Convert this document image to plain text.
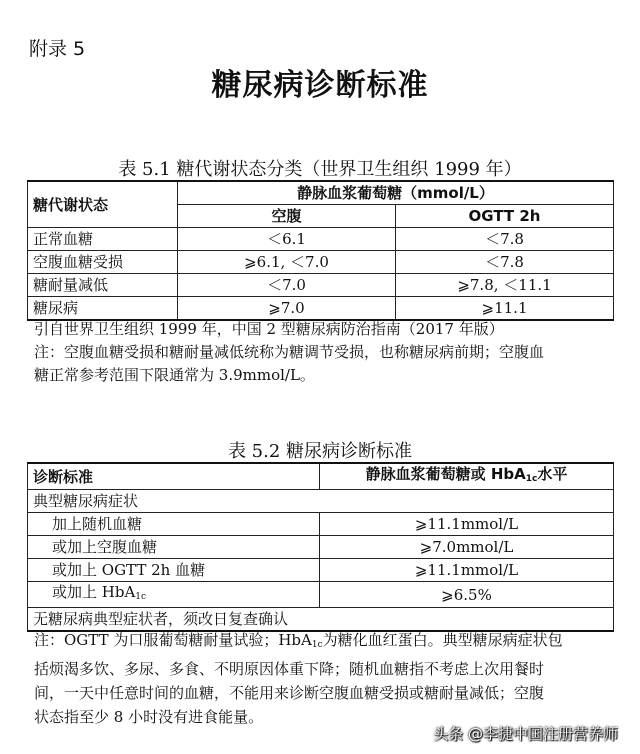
附录 5
糖尿病诊断标准
表 5.1 糖代谢状态分类（世界卫生组织 1999 年）
糖代谢状态	静脉血浆葡萄糖（mmol/L）	
	空腹	OGTT 2h
正常血糖	＜6.1	＜7.8
空腹血糖受损	⩾6.1, ＜7.0	＜7.8
糖耐量减低	＜7.0	⩾7.8, ＜11.1
糖尿病	⩾7.0	⩾11.1

引自世界卫生组织 1999 年，中国 2 型糖尿病防治指南（2017 年版）

注：空腹血糖受损和糖耐量减低统称为糖调节受损，也称糖尿病前期；空腹血

糖正常参考范围下限通常为 3.9mmol/L。

表 5.2 糖尿病诊断标准
诊断标准	静脉血浆葡萄糖或 HbA$_{1c}$水平
典型糖尿病症状	
加上随机血糖	⩾11.1mmol/L
或加上空腹血糖	⩾7.0mmol/L
或加上 OGTT 2h 血糖	⩾11.1mmol/L
或加上 HbA$_{1c}$	⩾6.5%
无糖尿病典型症状者，须改日复查确认	

注：OGTT 为口服葡萄糖耐量试验；HbA$_{1c}$为糖化血红蛋白。典型糖尿病症状包

括烦渴多饮、多尿、多食、不明原因体重下降；随机血糖指不考虑上次用餐时

间，一天中任意时间的血糖，不能用来诊断空腹血糖受损或糖耐量减低；空腹

状态指至少 8 小时没有进食能量。

头条 @李捷中国注册营养师
